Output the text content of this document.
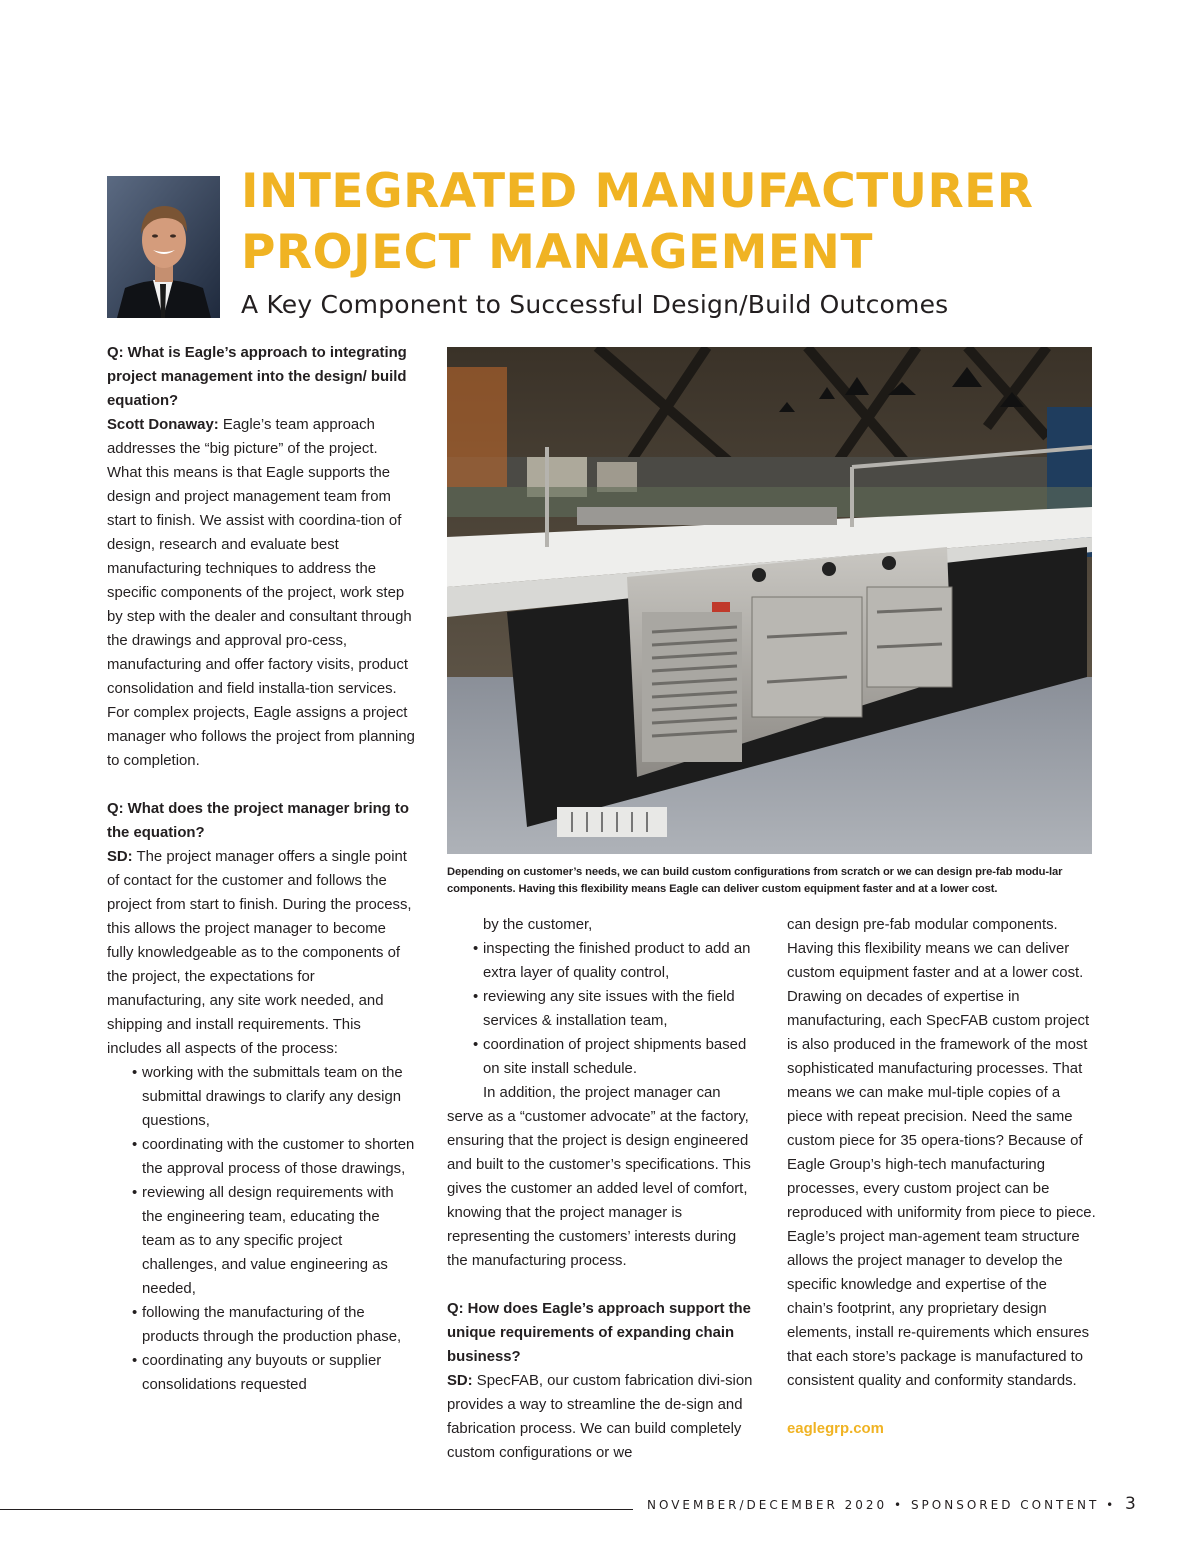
INTEGRATED MANUFACTURER
PROJECT MANAGEMENT
A Key Component to Successful Design/Build Outcomes

Q: What is Eagle’s approach to integrating project management into the design/ build equation?

Scott Donaway: Eagle’s team approach addresses the “big picture” of the project. What this means is that Eagle supports the design and project management team from start to finish. We assist with coordina-tion of design, research and evaluate best manufacturing techniques to address the specific components of the project, work step by step with the dealer and consultant through the drawings and approval pro-cess, manufacturing and offer factory visits, product consolidation and field installa-tion services. For complex projects, Eagle assigns a project manager who follows the project from planning to completion.

Q: What does the project manager bring to the equation?

SD: The project manager offers a single point of contact for the customer and follows the project from start to finish. During the process, this allows the project manager to become fully knowledgeable as to the components of the project, the expectations for manufacturing, any site work needed, and shipping and install requirements. This includes all aspects of the process:

• working with the submittals team on the submittal drawings to clarify any design questions,
• coordinating with the customer to shorten the approval process of those drawings,
• reviewing all design requirements with the engineering team, educating the team as to any specific project challenges, and value engineering as needed,
• following the manufacturing of the products through the production phase,
• coordinating any buyouts or supplier consolidations requested
Depending on customer’s needs, we can build custom configurations from scratch or we can design pre-fab modu-lar components. Having this flexibility means Eagle can deliver custom equipment faster and at a lower cost.
by the customer,
• inspecting the finished product to add an extra layer of quality control,
• reviewing any site issues with the field services & installation team,
• coordination of project shipments based on site install schedule.

In addition, the project manager can serve as a “customer advocate” at the factory, ensuring that the project is design engineered and built to the customer’s specifications. This gives the customer an added level of comfort, knowing that the project manager is representing the customers’ interests during the manufacturing process.

Q: How does Eagle’s approach support the unique requirements of expanding chain business?

SD: SpecFAB, our custom fabrication divi-sion provides a way to streamline the de-sign and fabrication process. We can build completely custom configurations or we

can design pre-fab modular components. Having this flexibility means we can deliver custom equipment faster and at a lower cost. Drawing on decades of expertise in manufacturing, each SpecFAB custom project is also produced in the framework of the most sophisticated manufacturing processes. That means we can make mul-tiple copies of a piece with repeat precision. Need the same custom piece for 35 opera-tions? Because of Eagle Group’s high-tech manufacturing processes, every custom project can be reproduced with uniformity from piece to piece. Eagle’s project man-agement team structure allows the project manager to develop the specific knowledge and expertise of the chain’s footprint, any proprietary design elements, install re-quirements which ensures that each store’s package is manufactured to consistent quality and conformity standards.

eaglegrp.com

NOVEMBER/DECEMBER 2020 • SPONSORED CONTENT • 3
